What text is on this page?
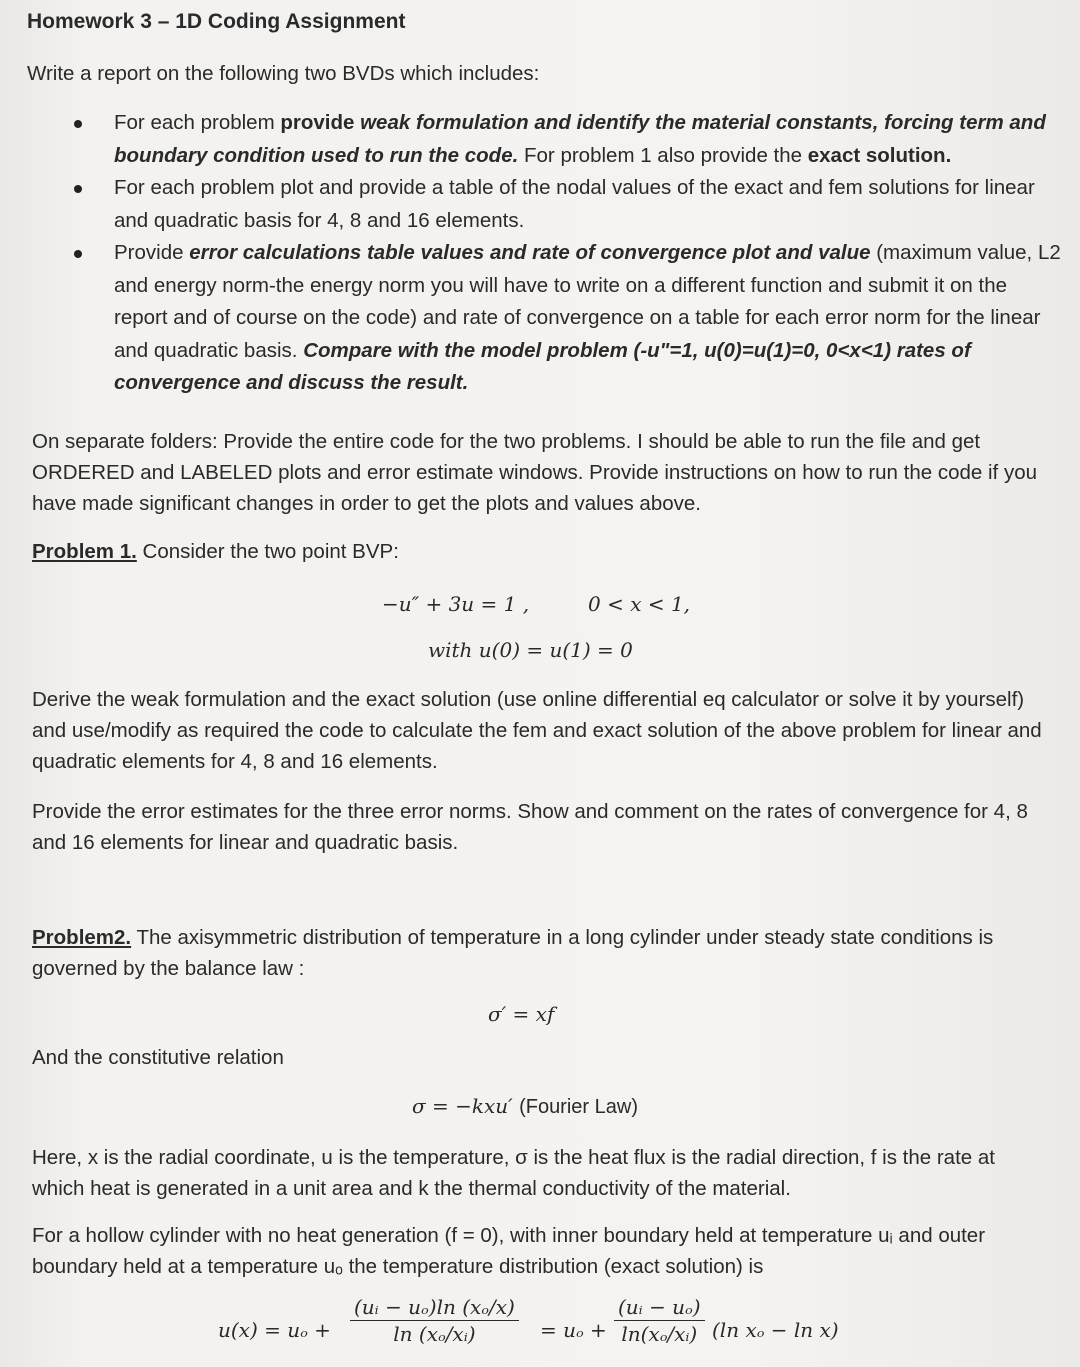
Homework 3 – 1D Coding Assignment
Write a report on the following two BVDs which includes:
For each problem provide weak formulation and identify the material constants, forcing term and boundary condition used to run the code. For problem 1 also provide the exact solution.
For each problem plot and provide a table of the nodal values of the exact and fem solutions for linear and quadratic basis for 4, 8 and 16 elements.
Provide error calculations table values and rate of convergence plot and value (maximum value, L2 and energy norm-the energy norm you will have to write on a different function and submit it on the report and of course on the code) and rate of convergence on a table for each error norm for the linear and quadratic basis. Compare with the model problem (-u"=1, u(0)=u(1)=0, 0<x<1) rates of convergence and discuss the result.
On separate folders: Provide the entire code for the two problems. I should be able to run the file and get ORDERED and LABELED plots and error estimate windows. Provide instructions on how to run the code if you have made significant changes in order to get the plots and values above.
Problem 1. Consider the two point BVP:
−u″ + 3u = 1 ,	0 < x < 1,
with u(0) = u(1) = 0
Derive the weak formulation and the exact solution (use online differential eq calculator or solve it by yourself) and use/modify as required the code to calculate the fem and exact solution of the above problem for linear and quadratic elements for 4, 8 and 16 elements.
Provide the error estimates for the three error norms. Show and comment on the rates of convergence for 4, 8 and 16 elements for linear and quadratic basis.
Problem2. The axisymmetric distribution of temperature in a long cylinder under steady state conditions is governed by the balance law :
σ′ = xf
And the constitutive relation
σ = −kxu′ (Fourier Law)
Here, x is the radial coordinate, u is the temperature, σ is the heat flux is the radial direction, f is the rate at which heat is generated in a unit area and k the thermal conductivity of the material.
For a hollow cylinder with no heat generation (f = 0), with inner boundary held at temperature uᵢ and outer boundary held at a temperature uₒ the temperature distribution (exact solution) is
$u(x) = u_o + \frac{\text{(uᵢ − uₒ)ln (xₒ/x)}}{\text{ln (xₒ/xᵢ)}} = u_o + \frac{\text{(uᵢ − uₒ)}}{\text{ln(xₒ/xᵢ)}} (\ln$ xₒ − ln x)
